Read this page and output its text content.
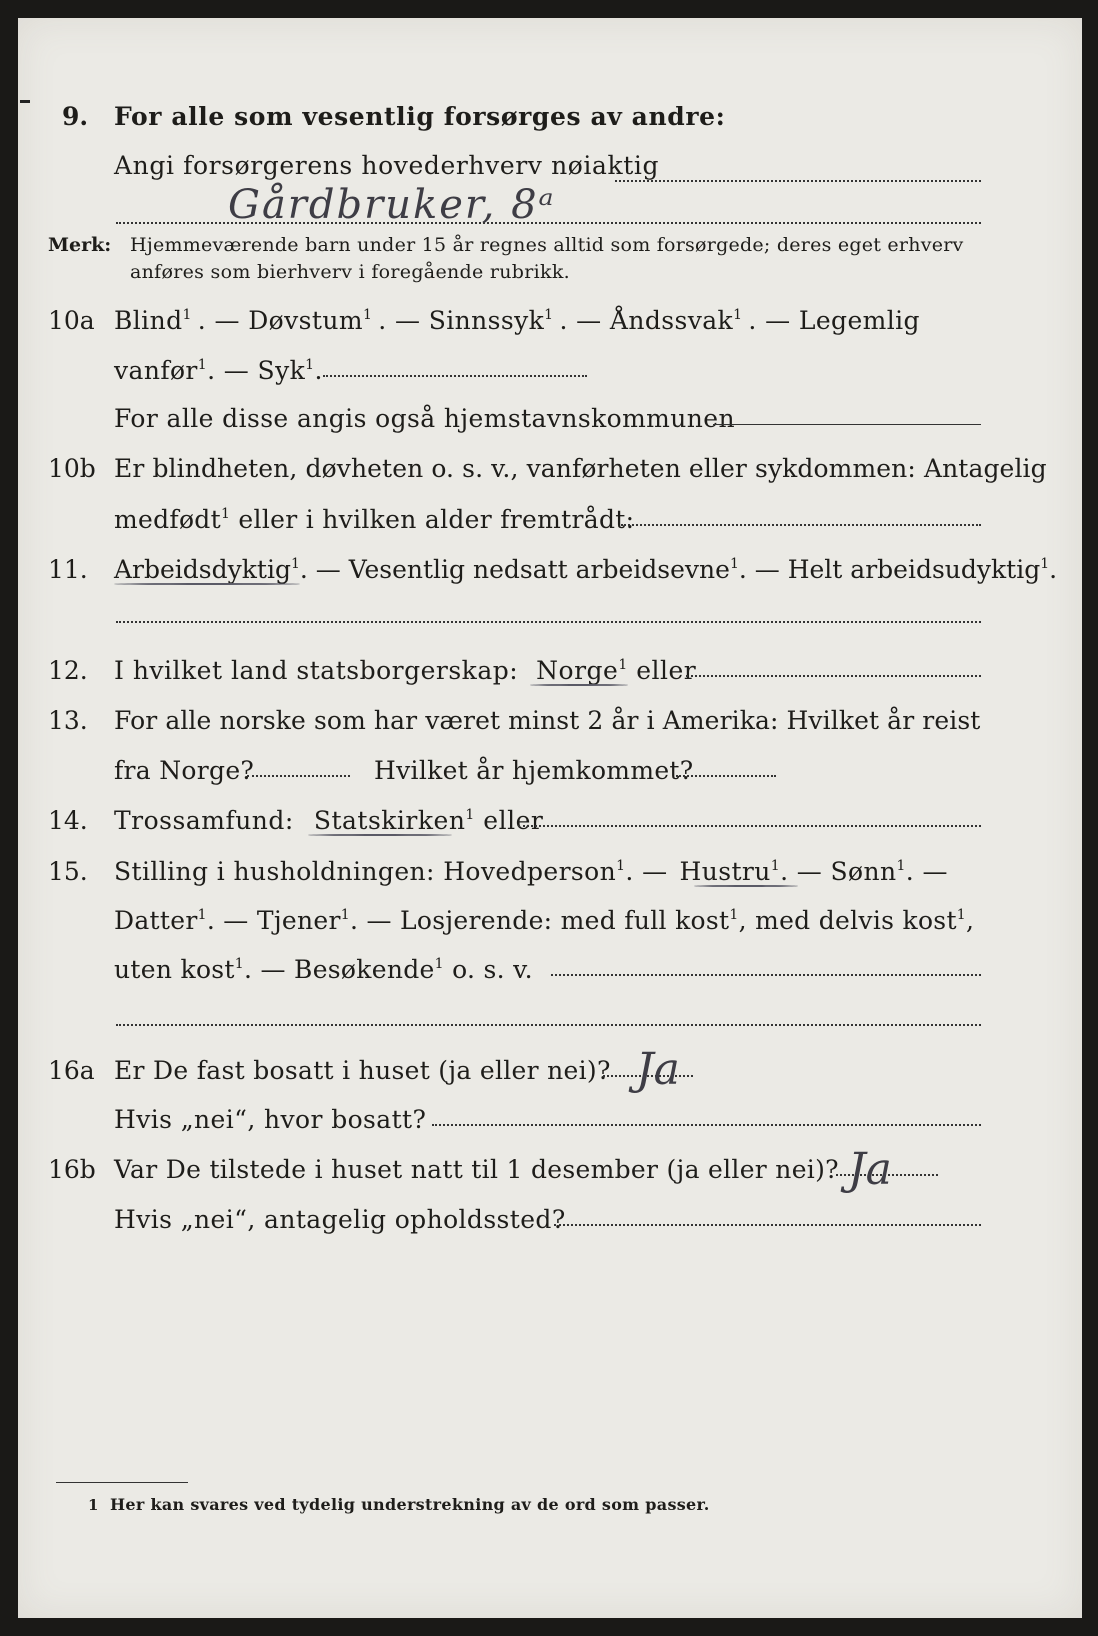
9. For alle som vesentlig forsørges av andre:
Angi forsørgerens hovederhverv nøiaktig
Gårdbruker, 8ᵃ
Merk: Hjemmeværende barn under 15 år regnes alltid som forsørgede; deres eget erhverv
anføres som bierhverv i foregående rubrikk.
10a Blind$^1$ . — Døvstum$^1$ . — Sinnssyk$^1$ . — Åndssvak$^1$ . — Legemlig
vanfør$^1$. — Syk$^1$.
For alle disse angis også hjemstavnskommunen
10b Er blindheten, døvheten o. s. v., vanførheten eller sykdommen: Antagelig
medfødt$^1$ eller i hvilken alder fremtrådt:
11. Arbeidsdyktig$^1$. — Vesentlig nedsatt arbeidsevne$^1$. — Helt arbeidsudyktig$^1$.
12. I hvilket land statsborgerskap: Norge$^1$ eller
13. For alle norske som har været minst 2 år i Amerika: Hvilket år reist
fra Norge?	Hvilket år hjemkommet?
14. Trossamfund: Statskirken$^1$ eller
15. Stilling i husholdningen: Hovedperson$^1$. — Hustru$^1$. — Sønn$^1$. —
Datter$^1$. — Tjener$^1$. — Losjerende: med full kost$^1$, med delvis kost$^1$,
uten kost$^1$. — Besøkende$^1$ o. s. v.
16a Er De fast bosatt i huset (ja eller nei)? Ja
Hvis „nei“, hvor bosatt?
16b Var De tilstede i huset natt til 1 desember (ja eller nei)? Ja
Hvis „nei“, antagelig opholdssted?
1 Her kan svares ved tydelig understrekning av de ord som passer.
